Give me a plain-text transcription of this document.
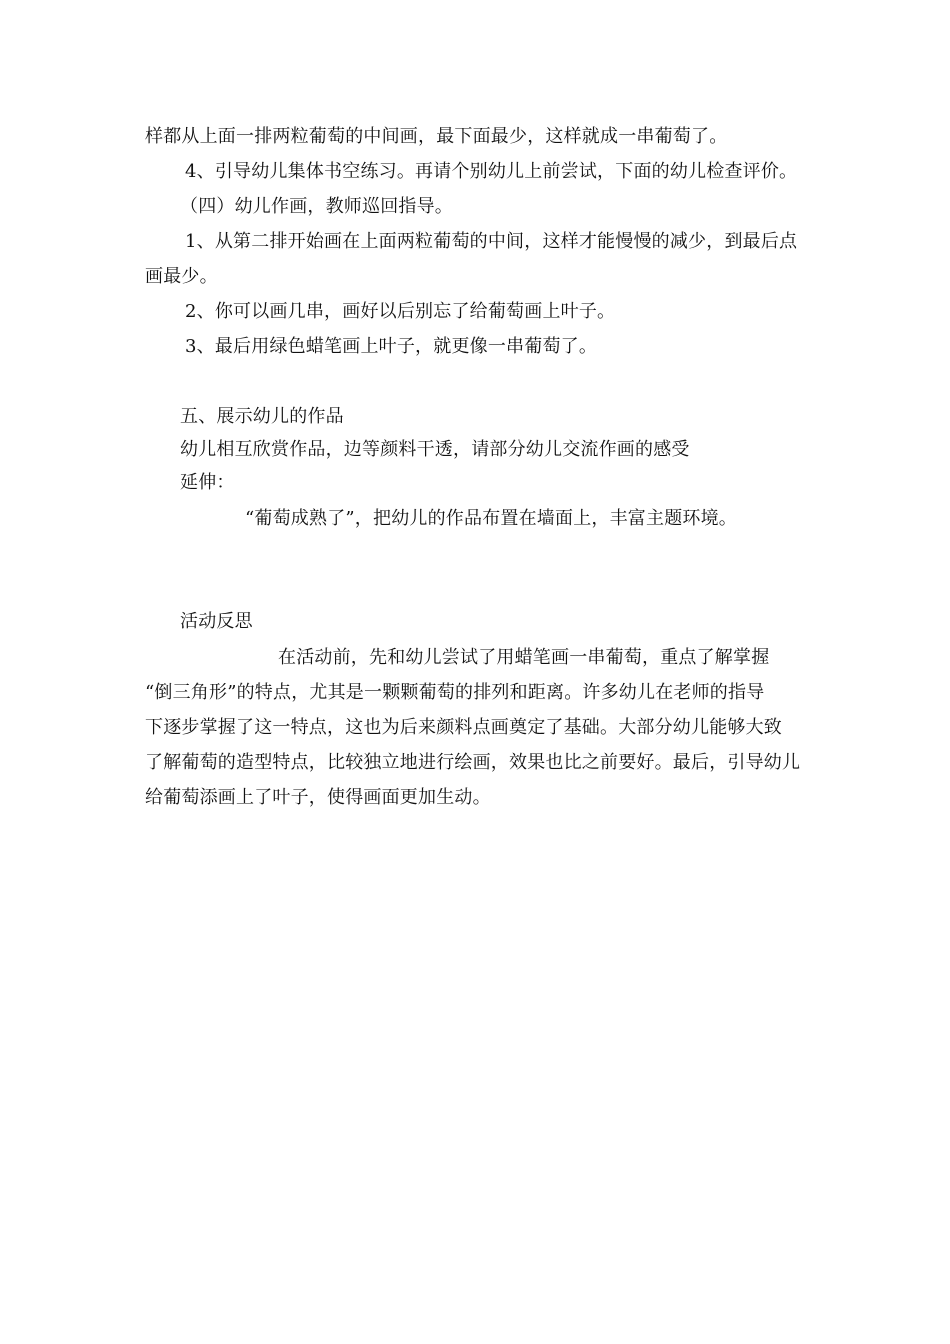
样都从上面一排两粒葡萄的中间画，最下面最少，这样就成一串葡萄了。
4、引导幼儿集体书空练习。再请个别幼儿上前尝试，下面的幼儿检查评价。
（四）幼儿作画，教师巡回指导。
1、从第二排开始画在上面两粒葡萄的中间，这样才能慢慢的减少，到最后点
画最少。
2、你可以画几串，画好以后别忘了给葡萄画上叶子。
3、最后用绿色蜡笔画上叶子，就更像一串葡萄了。
五、展示幼儿的作品
幼儿相互欣赏作品，边等颜料干透，请部分幼儿交流作画的感受
延伸：
“葡萄成熟了”，把幼儿的作品布置在墙面上，丰富主题环境。
活动反思
在活动前，先和幼儿尝试了用蜡笔画一串葡萄，重点了解掌握
“倒三角形”的特点，尤其是一颗颗葡萄的排列和距离。许多幼儿在老师的指导
下逐步掌握了这一特点，这也为后来颜料点画奠定了基础。大部分幼儿能够大致
了解葡萄的造型特点，比较独立地进行绘画，效果也比之前要好。最后，引导幼儿
给葡萄添画上了叶子，使得画面更加生动。
